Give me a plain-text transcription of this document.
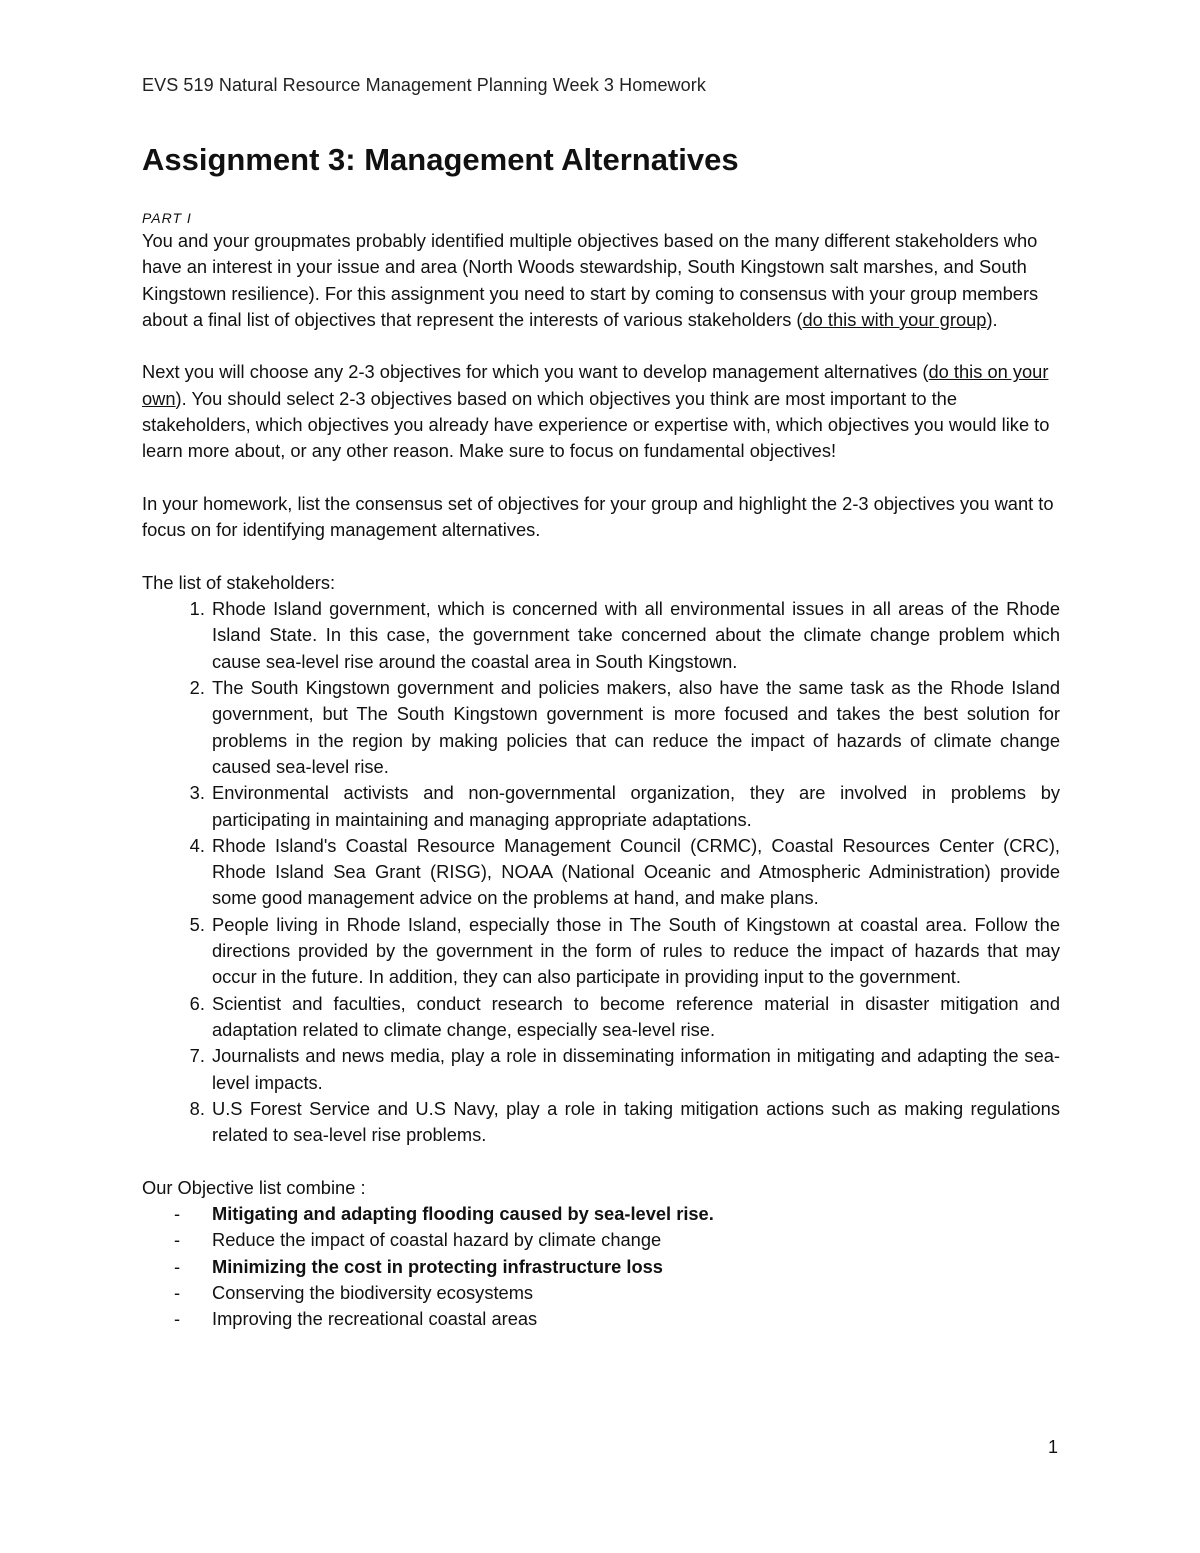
EVS 519 Natural Resource Management Planning Week 3 Homework
Assignment 3: Management Alternatives
PART I

You and your groupmates probably identified multiple objectives based on the many different stakeholders who have an interest in your issue and area (North Woods stewardship, South Kingstown salt marshes, and South Kingstown resilience). For this assignment you need to start by coming to consensus with your group members about a final list of objectives that represent the interests of various stakeholders (do this with your group).

Next you will choose any 2-3 objectives for which you want to develop management alternatives (do this on your own). You should select 2-3 objectives based on which objectives you think are most important to the stakeholders, which objectives you already have experience or expertise with, which objectives you would like to learn more about, or any other reason. Make sure to focus on fundamental objectives!

In your homework, list the consensus set of objectives for your group and highlight the 2-3 objectives you want to focus on for identifying management alternatives.

The list of stakeholders:
1. Rhode Island government, which is concerned with all environmental issues in all areas of the Rhode Island State. In this case, the government take concerned about the climate change problem which cause sea-level rise around the coastal area in South Kingstown.
2. The South Kingstown government and policies makers, also have the same task as the Rhode Island government, but The South Kingstown government is more focused and takes the best solution for problems in the region by making policies that can reduce the impact of hazards of climate change caused sea-level rise.
3. Environmental activists and non-governmental organization, they are involved in problems by participating in maintaining and managing appropriate adaptations.
4. Rhode Island's Coastal Resource Management Council (CRMC), Coastal Resources Center (CRC), Rhode Island Sea Grant (RISG), NOAA (National Oceanic and Atmospheric Administration) provide some good management advice on the problems at hand, and make plans.
5. People living in Rhode Island, especially those in The South of Kingstown at coastal area. Follow the directions provided by the government in the form of rules to reduce the impact of hazards that may occur in the future. In addition, they can also participate in providing input to the government.
6. Scientist and faculties, conduct research to become reference material in disaster mitigation and adaptation related to climate change, especially sea-level rise.
7. Journalists and news media, play a role in disseminating information in mitigating and adapting the sea-level impacts.
8. U.S Forest Service and U.S Navy, play a role in taking mitigation actions such as making regulations related to sea-level rise problems.
Our Objective list combine :
- Mitigating and adapting flooding caused by sea-level rise.
- Reduce the impact of coastal hazard by climate change
- Minimizing the cost in protecting infrastructure loss
- Conserving the biodiversity ecosystems
- Improving the recreational coastal areas
1
